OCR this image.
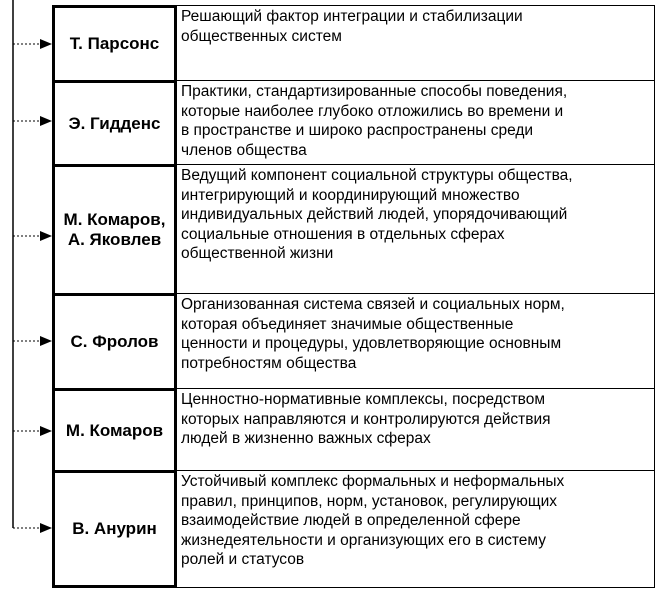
Т. Парсонс
Решающий фактор интеграции и стабилизации
общественных систем
Э. Гидденс
Практики, стандартизированные способы поведения,
которые наиболее глубоко отложились во времени и
в пространстве и широко распространены среди
членов общества
М. Комаров,
А. Яковлев
Ведущий компонент социальной структуры общества,
интегрирующий и координирующий множество
индивидуальных действий людей, упорядочивающий
социальные отношения в отдельных сферах
общественной жизни
С. Фролов
Организованная система связей и социальных норм,
которая объединяет значимые общественные
ценности и процедуры, удовлетворяющие основным
потребностям общества
М. Комаров
Ценностно-нормативные комплексы, посредством
которых направляются и контролируются действия
людей в жизненно важных сферах
В. Анурин
Устойчивый комплекс формальных и неформальных
правил, принципов, норм, установок, регулирующих
взаимодействие людей в определенной сфере
жизнедеятельности и организующих его в систему
ролей и статусов
